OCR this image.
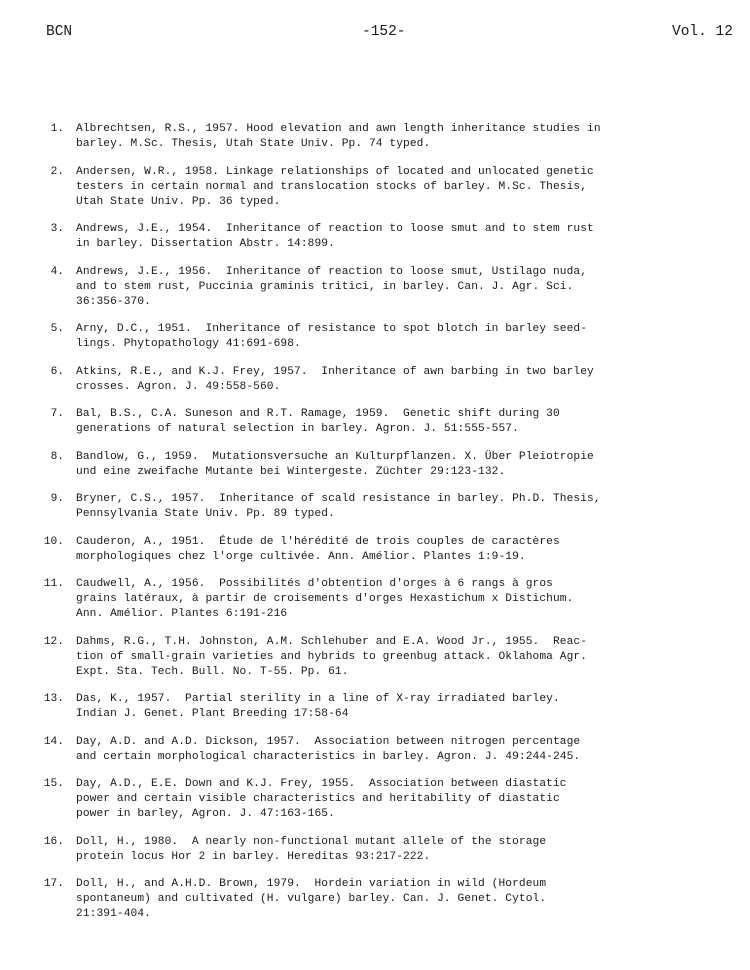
BCN	-152-	Vol. 12
1. Albrechtsen, R.S., 1957. Hood elevation and awn length inheritance studies in
barley. M.Sc. Thesis, Utah State Univ. Pp. 74 typed.
2. Andersen, W.R., 1958. Linkage relationships of located and unlocated genetic
testers in certain normal and translocation stocks of barley. M.Sc. Thesis,
Utah State Univ. Pp. 36 typed.
3. Andrews, J.E., 1954.  Inheritance of reaction to loose smut and to stem rust
in barley. Dissertation Abstr. 14:899.
4. Andrews, J.E., 1956.  Inheritance of reaction to loose smut, Ustilago nuda,
and to stem rust, Puccinia graminis tritici, in barley. Can. J. Agr. Sci.
36:356-370.
5. Arny, D.C., 1951.  Inheritance of resistance to spot blotch in barley seed-
lings. Phytopathology 41:691-698.
6. Atkins, R.E., and K.J. Frey, 1957.  Inheritance of awn barbing in two barley
crosses. Agron. J. 49:558-560.
7. Bal, B.S., C.A. Suneson and R.T. Ramage, 1959.  Genetic shift during 30
generations of natural selection in barley. Agron. J. 51:555-557.
8. Bandlow, G., 1959.  Mutationsversuche an Kulturpflanzen. X. Über Pleiotropie
und eine zweifache Mutante bei Wintergeste. Züchter 29:123-132.
9. Bryner, C.S., 1957.  Inheritance of scald resistance in barley. Ph.D. Thesis,
Pennsylvania State Univ. Pp. 89 typed.
10. Cauderon, A., 1951.  Étude de l'hérédité de trois couples de caractères
morphologiques chez l'orge cultivée. Ann. Amélior. Plantes 1:9-19.
11. Caudwell, A., 1956.  Possibilités d'obtention d'orges à 6 rangs à gros
grains latéraux, à partir de croisements d'orges Hexastichum x Distichum.
Ann. Amélior. Plantes 6:191-216
12. Dahms, R.G., T.H. Johnston, A.M. Schlehuber and E.A. Wood Jr., 1955.  Reac-
tion of small-grain varieties and hybrids to greenbug attack. Oklahoma Agr.
Expt. Sta. Tech. Bull. No. T-55. Pp. 61.
13. Das, K., 1957.  Partial sterility in a line of X-ray irradiated barley.
Indian J. Genet. Plant Breeding 17:58-64
14. Day, A.D. and A.D. Dickson, 1957.  Association between nitrogen percentage
and certain morphological characteristics in barley. Agron. J. 49:244-245.
15. Day, A.D., E.E. Down and K.J. Frey, 1955.  Association between diastatic
power and certain visible characteristics and heritability of diastatic
power in barley, Agron. J. 47:163-165.
16. Doll, H., 1980.  A nearly non-functional mutant allele of the storage
protein locus Hor 2 in barley. Hereditas 93:217-222.
17. Doll, H., and A.H.D. Brown, 1979.  Hordein variation in wild (Hordeum
spontaneum) and cultivated (H. vulgare) barley. Can. J. Genet. Cytol.
21:391-404.
